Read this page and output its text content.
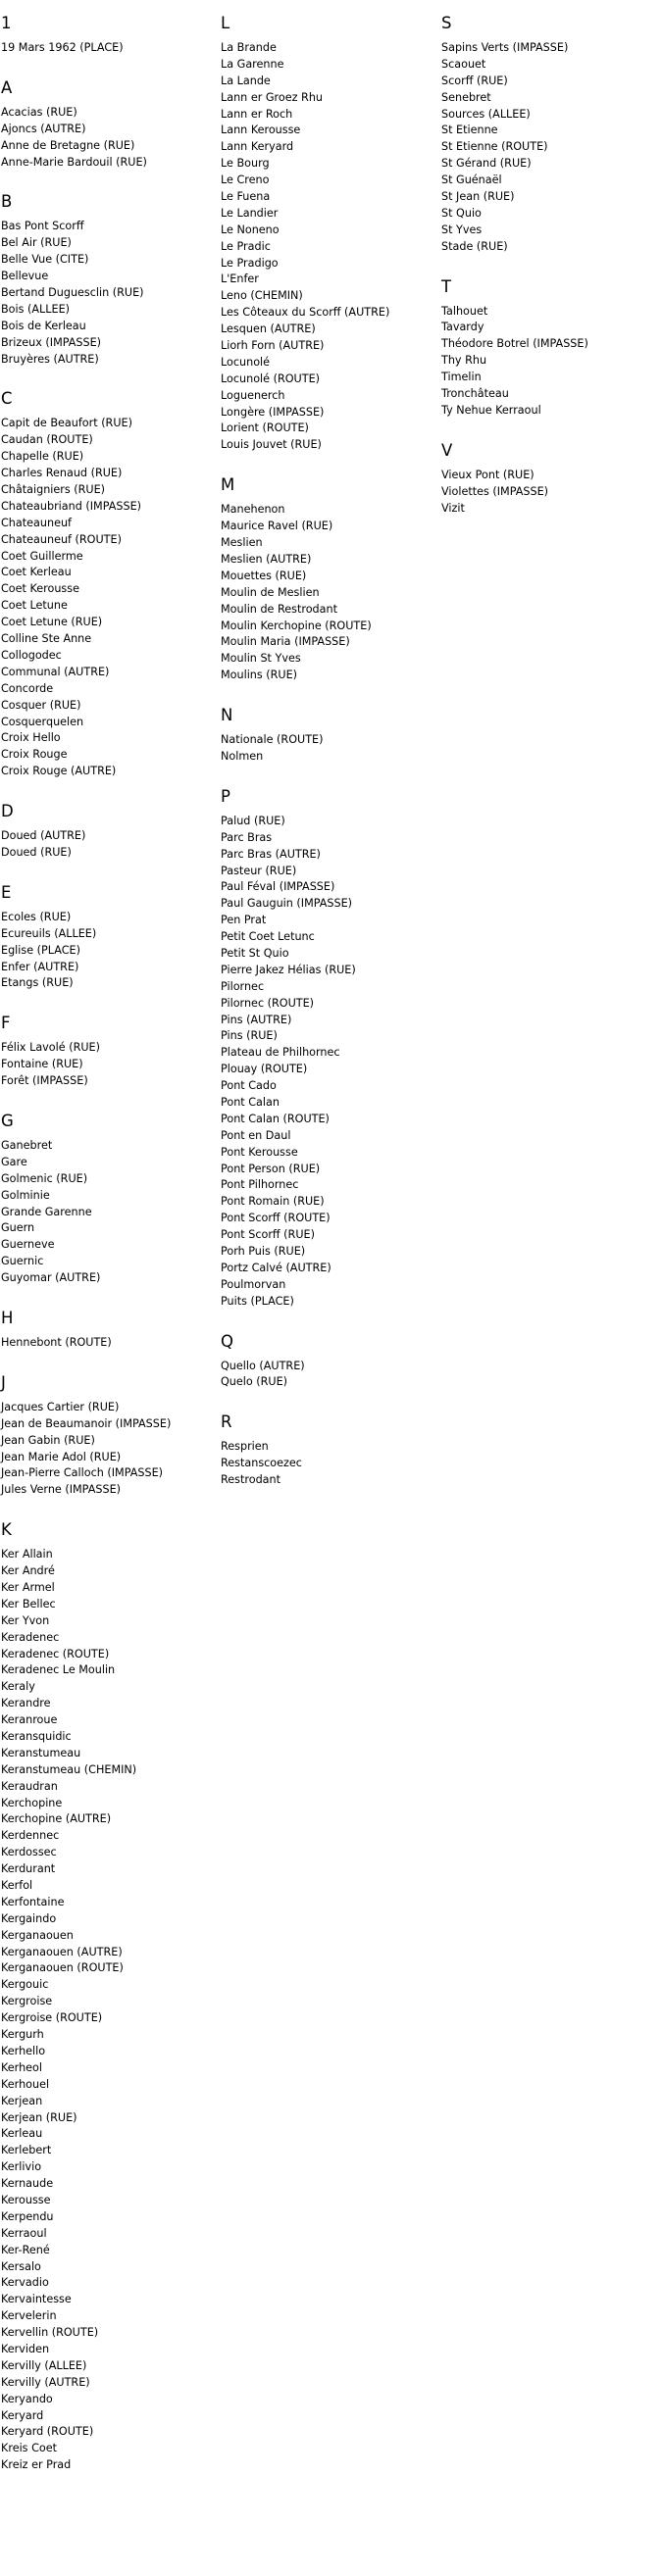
1
19 Mars 1962 (PLACE)
A
Acacias (RUE)
Ajoncs (AUTRE)
Anne de Bretagne (RUE)
Anne-Marie Bardouil (RUE)
B
Bas Pont Scorff
Bel Air (RUE)
Belle Vue (CITE)
Bellevue
Bertand Duguesclin (RUE)
Bois (ALLEE)
Bois de Kerleau
Brizeux (IMPASSE)
Bruyères (AUTRE)
C
Capit de Beaufort (RUE)
Caudan (ROUTE)
Chapelle (RUE)
Charles Renaud (RUE)
Châtaigniers (RUE)
Chateaubriand (IMPASSE)
Chateauneuf
Chateauneuf (ROUTE)
Coet Guillerme
Coet Kerleau
Coet Kerousse
Coet Letune
Coet Letune (RUE)
Colline Ste Anne
Collogodec
Communal (AUTRE)
Concorde
Cosquer (RUE)
Cosquerquelen
Croix Hello
Croix Rouge
Croix Rouge (AUTRE)
D
Doued (AUTRE)
Doued (RUE)
E
Ecoles (RUE)
Ecureuils (ALLEE)
Eglise (PLACE)
Enfer (AUTRE)
Etangs (RUE)
F
Félix Lavolé (RUE)
Fontaine (RUE)
Forêt (IMPASSE)
G
Ganebret
Gare
Golmenic (RUE)
Golminie
Grande Garenne
Guern
Guerneve
Guernic
Guyomar (AUTRE)
H
Hennebont (ROUTE)
J
Jacques Cartier (RUE)
Jean de Beaumanoir (IMPASSE)
Jean Gabin (RUE)
Jean Marie Adol (RUE)
Jean-Pierre Calloch (IMPASSE)
Jules Verne (IMPASSE)
K
Ker Allain
Ker André
Ker Armel
Ker Bellec
Ker Yvon
Keradenec
Keradenec (ROUTE)
Keradenec Le Moulin
Keraly
Kerandre
Keranroue
Keransquidic
Keranstumeau
Keranstumeau (CHEMIN)
Keraudran
Kerchopine
Kerchopine (AUTRE)
Kerdennec
Kerdossec
Kerdurant
Kerfol
Kerfontaine
Kergaindo
Kerganaouen
Kerganaouen (AUTRE)
Kerganaouen (ROUTE)
Kergouic
Kergroise
Kergroise (ROUTE)
Kergurh
Kerhello
Kerheol
Kerhouel
Kerjean
Kerjean (RUE)
Kerleau
Kerlebert
Kerlivio
Kernaude
Kerousse
Kerpendu
Kerraoul
Ker-René
Kersalo
Kervadio
Kervaintesse
Kervelerin
Kervellin (ROUTE)
Kerviden
Kervilly (ALLEE)
Kervilly (AUTRE)
Keryando
Keryard
Keryard (ROUTE)
Kreis Coet
Kreiz er Prad
L
La Brande
La Garenne
La Lande
Lann er Groez Rhu
Lann er Roch
Lann Kerousse
Lann Keryard
Le Bourg
Le Creno
Le Fuena
Le Landier
Le Noneno
Le Pradic
Le Pradigo
L'Enfer
Leno (CHEMIN)
Les Côteaux du Scorff (AUTRE)
Lesquen (AUTRE)
Liorh Forn (AUTRE)
Locunolé
Locunolé (ROUTE)
Loguenerch
Longère (IMPASSE)
Lorient (ROUTE)
Louis Jouvet (RUE)
M
Manehenon
Maurice Ravel (RUE)
Meslien
Meslien (AUTRE)
Mouettes (RUE)
Moulin de Meslien
Moulin de Restrodant
Moulin Kerchopine (ROUTE)
Moulin Maria (IMPASSE)
Moulin St Yves
Moulins (RUE)
N
Nationale (ROUTE)
Nolmen
P
Palud (RUE)
Parc Bras
Parc Bras (AUTRE)
Pasteur (RUE)
Paul Féval (IMPASSE)
Paul Gauguin (IMPASSE)
Pen Prat
Petit Coet Letunc
Petit St Quio
Pierre Jakez Hélias (RUE)
Pilornec
Pilornec (ROUTE)
Pins (AUTRE)
Pins (RUE)
Plateau de Philhornec
Plouay (ROUTE)
Pont Cado
Pont Calan
Pont Calan (ROUTE)
Pont en Daul
Pont Kerousse
Pont Person (RUE)
Pont Pilhornec
Pont Romain (RUE)
Pont Scorff (ROUTE)
Pont Scorff (RUE)
Porh Puis (RUE)
Portz Calvé (AUTRE)
Poulmorvan
Puits (PLACE)
Q
Quello (AUTRE)
Quelo (RUE)
R
Resprien
Restanscoezec
Restrodant
S
Sapins Verts (IMPASSE)
Scaouet
Scorff (RUE)
Senebret
Sources (ALLEE)
St Etienne
St Etienne (ROUTE)
St Gérand (RUE)
St Guénaël
St Jean (RUE)
St Quio
St Yves
Stade (RUE)
T
Talhouet
Tavardy
Théodore Botrel (IMPASSE)
Thy Rhu
Timelin
Tronchâteau
Ty Nehue Kerraoul
V
Vieux Pont (RUE)
Violettes (IMPASSE)
Vizit
